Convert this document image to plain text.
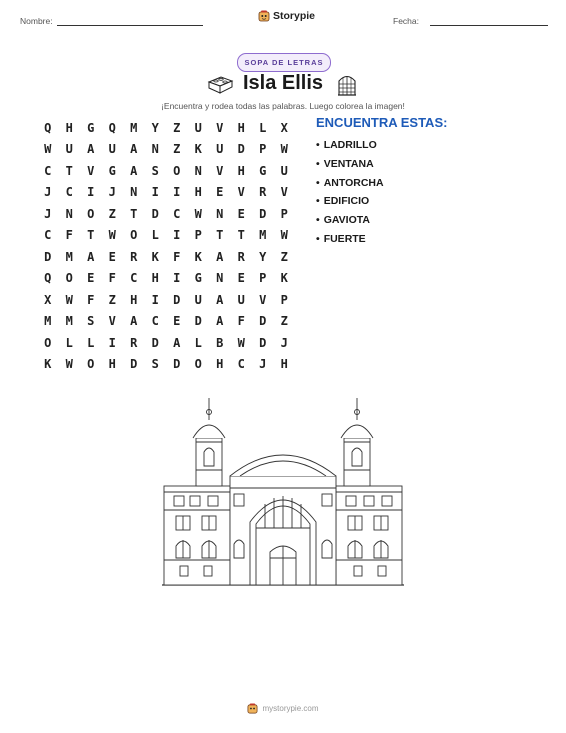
Nombre:	Storypie	Fecha:
SOPA DE LETRAS
Isla Ellis
¡Encuentra y rodea todas las palabras. Luego colorea la imagen!
Q	H	G	Q	M	Y	Z	U	V	H	L	X
W	U	A	U	A	N	Z	K	U	D	P	W
C	T	V	G	A	S	O	N	V	H	G	U
J	C	I	J	N	I	I	H	E	V	R	V
J	N	O	Z	T	D	C	W	N	E	D	P
C	F	T	W	O	L	I	P	T	T	M	W
D	M	A	E	R	K	F	K	A	R	Y	Z
Q	O	E	F	C	H	I	G	N	E	P	K
X	W	F	Z	H	I	D	U	A	U	V	P
M	M	S	V	A	C	E	D	A	F	D	Z
O	L	L	I	R	D	A	L	B	W	D	J
K	W	O	H	D	S	D	O	H	C	J	H
ENCUENTRA ESTAS:
• LADRILLO
• VENTANA
• ANTORCHA
• EDIFICIO
• GAVIOTA
• FUERTE
mystorypie.com
